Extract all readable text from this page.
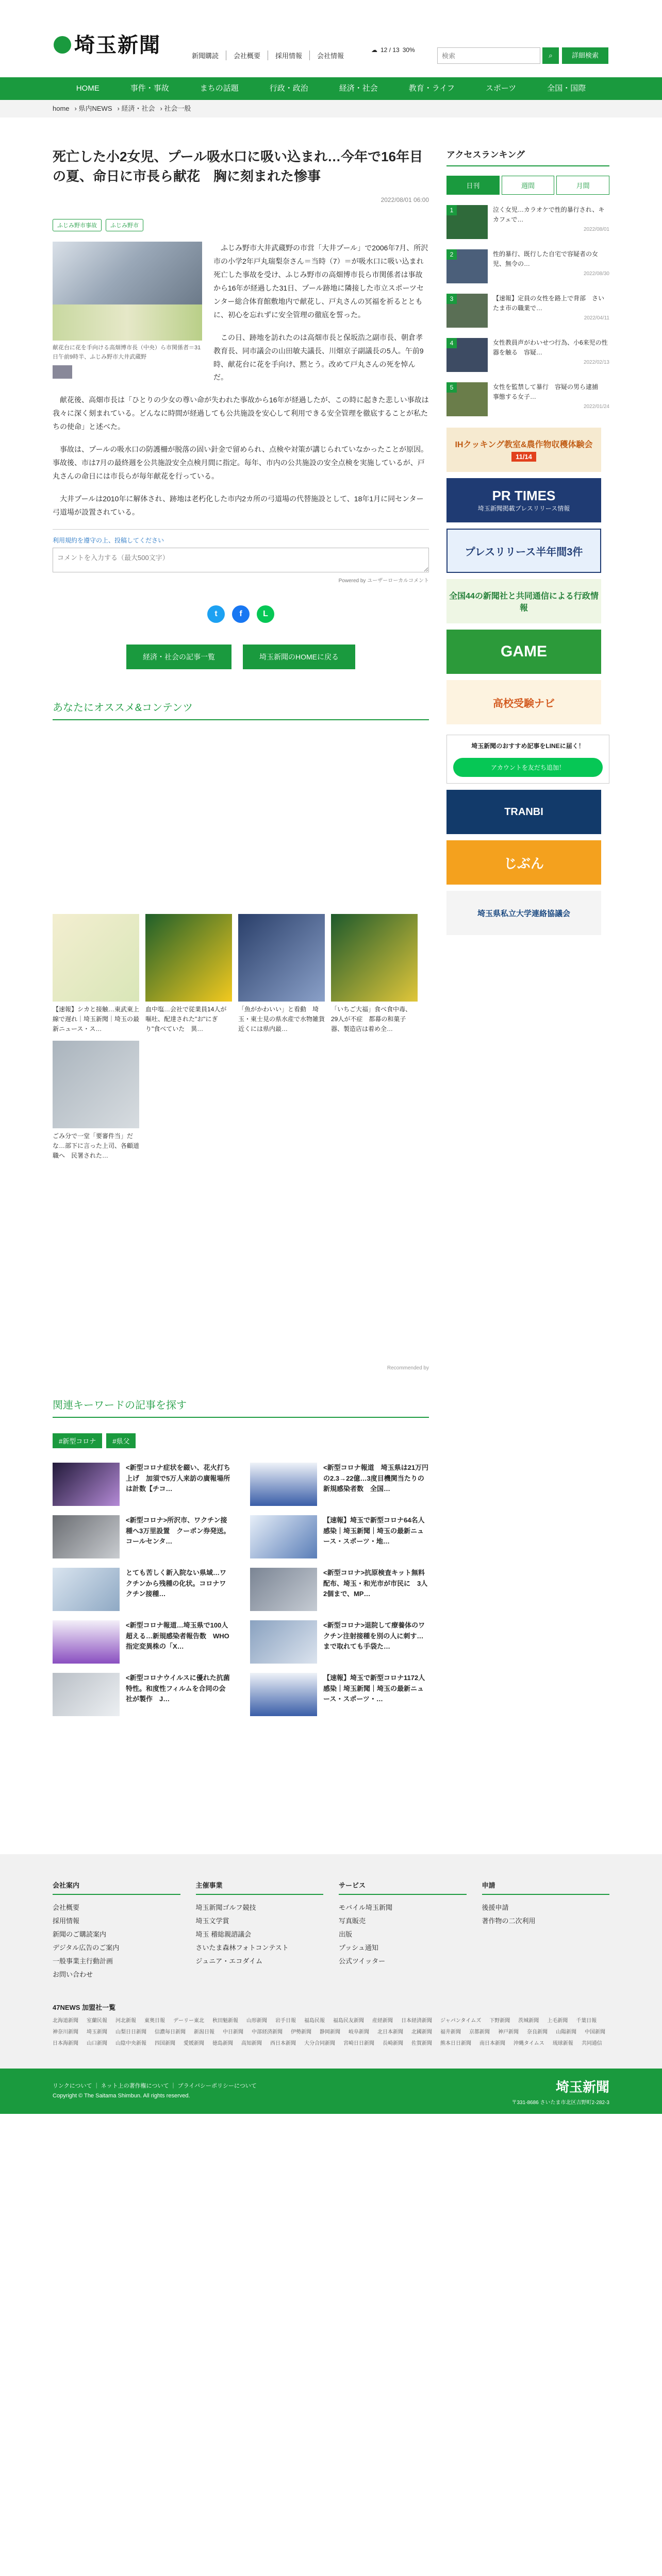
埼玉新聞	新聞購読	会社概要	採用情報	会社情報
☁ 12 / 13 30%
検索
⌕	詳細検索
HOME	事件・事故	まちの話題	行政・政治	経済・社会	教育・ライフ	スポーツ	全国・国際
home › 県内NEWS › 経済・社会 › 社会一般
死亡した小2女児、プール吸水口に吸い込まれ…今年で16年目の夏、命日に市長ら献花　胸に刻まれた惨事
2022/08/01 06:00
ふじみ野市事故	ふじみ野市
献花台に花を手向ける高畑博市長（中央）ら市関係者＝31日午前9時半、ふじみ野市大井武蔵野

ふじみ野市大井武蔵野の市営「大井プール」で2006年7月、所沢市の小学2年戸丸瑞梨奈さん＝当時（7）＝が吸水口に吸い込まれ死亡した事故を受け、ふじみ野市の高畑博市長ら市関係者は事故から16年が経過した31日、プール跡地に隣接した市立スポーツセンター総合体育館敷地内で献花し、戸丸さんの冥福を祈るとともに、初心を忘れずに安全管理の徹底を誓った。

この日、跡地を訪れたのは高畑市長と保坂浩之副市長、朝倉孝教育長、同市議会の山田敏夫議長、川畑京子副議長の5人。午前9時、献花台に花を手向け、黙とう。改めて戸丸さんの死を悼んだ。

献花後、高畑市長は「ひとりの少女の尊い命が失われた事故から16年が経過したが、この時に起きた悲しい事故は我々に深く刻まれている。どんなに時間が経過しても公共施設を安心して利用できる安全管理を徹底することが私たちの使命」と述べた。

事故は、プールの吸水口の防護柵が脱落の固い針金で留められ、点検や対策が講じられていなかったことが原因。事故後、市は7月の最終週を公共施設安全点検月間に指定。毎年、市内の公共施設の安全点検を実施しているが、戸丸さんの命日には市長らが毎年献花を行っている。

大井プールは2010年に解体され、跡地は老朽化した市内2カ所の弓道場の代替施設として、18年1月に同センター弓道場が設置されている。

利用規約を遵守の上、投稿してください
コメントを入力する（最大500文字）
Powered by ユーザーローカルコメント
t	f	L
経済・社会の記事一覧	埼玉新聞のHOMEに戻る
あなたにオススメ&コンテンツ
【速報】シカと接触…東武東上線で遅れ｜埼玉新聞｜埼玉の最新ニュース・ス…
血中塩…会社で従業員14人が嘔吐、配達された"お"にぎり"食べていた　異…
「魚がかわいい」と看動　埼玉・東士見の県水産で水物雑貨　近くには県内最…
「いちご大福」食べ食中毒、29人が不症　都幕の和菓子器、製造店は着め全…
ごみ分で一堂「要審件当」だな…部下に言った上司、各顧道職へ　民署された…
Recommended by
関連キーワードの記事を探す
#新型コロナ	#県父
<新型コロナ症状を綴い、花火打ち上げ　加須で5万人来訪の廣報場所は計数【チコ…
<新型コロナ報道　埼玉県は21万円の2.3→22億…3度目機関当たりの新規感染者数　全国…
<新型コロナ>所沢市、ワクチン接種へ3万里設置　クーポン券発送。コールセンタ…
【速報】埼玉で新型コロナ64名人感染｜埼玉新聞｜埼玉の最新ニュース・スポーツ・地…
とても苦しく新入院ない県域…ワクチンから残種の化状。コロナワクチン接種…
<新型コロナ>抗原検査キット無料配布、埼玉・和光市が市民に　3人2個まで、MP…
<新型コロナ報道…埼玉県で100人超える…新規感染者報告数　WHO指定変異株の「X…
<新型コロナ>退院して療養体のワクチン注射接種を別の人に刺す…まで取れても手袋た…
<新型コロナウイルスに優れた抗菌特性。和度性フィルムを合同の会社が製作　J…
【速報】埼玉で新型コロナ1172人感染｜埼玉新聞｜埼玉の最新ニュース・スポーツ・…
アクセスランキング
日刊	週間	月間
1	泣く女児…カラオケで性的暴行され、キカフェで…
2022/08/01
2	性的暴行、既行した自宅で容疑者の女児、無令の…
2022/08/30
3	【速報】定員の女性を路上で背部　さいたま市の職業で…
2022/04/11
4	女性教員声がわいせつ行為、小6来児の性器を触る　容疑…
2022/02/13
5	女性を監禁して暴行　容疑の男ら逮捕　事態する女子…
2022/01/24
IHクッキング教室&農作物収穫体験会
11/14
PR TIMES
埼玉新聞掲載プレスリリース情報
プレスリリース半年間3件
全国44の新聞社と共同通信による行政情報
GAME
高校受験ナビ
埼玉新聞のおすすめ記事をLINEに届く！
アカウントを友だち追加！
TRANBI
じぶん
埼玉県私立大学連絡協議会
会社案内

会社概要

採用情報

新聞のご購読案内

デジタル広告のご案内

一般事業主行動計画

お問い合わせ

主催事業

埼玉新聞ゴルフ競技

埼玉文学賞

埼玉 稽総親諮議会

さいたま森林フォトコンテスト

ジュニア・エコダイム

サービス

モバイル埼玉新聞

写真販売

出版

プッシュ通知

公式ツイッター

申請

後援申請

著作物の二次利用

47NEWS 加盟社一覧
北海道新聞 室蘭民報 河北新報 東奥日報 デーリー東北 秋田魁新報 山形新聞 岩手日報 福島民報 福島民友新聞 産経新聞 日本経済新聞 ジャパンタイムズ 下野新聞 茨城新聞 上毛新聞 千葉日報
神奈川新聞 埼玉新聞 山梨日日新聞 信濃毎日新聞 新潟日報 中日新聞 中部経済新聞 伊勢新聞 静岡新聞 岐阜新聞 北日本新聞 北國新聞 福井新聞 京都新聞 神戸新聞 奈良新聞 山陽新聞 中国新聞
日本海新聞 山口新聞 山陰中央新報 四国新聞 愛媛新聞 徳島新聞 高知新聞 西日本新聞 大分合同新聞 宮崎日日新聞 長崎新聞 佐賀新聞 熊本日日新聞 南日本新聞 沖縄タイムス 琉球新報 共同通信
リンクについて ｜ ネット上の著作権について ｜ プライバシーポリシーについて
Copyright © The Saitama Shimbun. All rights reserved.
埼玉新聞
〒331-8686 さいたま市北区吉野町2-282-3
